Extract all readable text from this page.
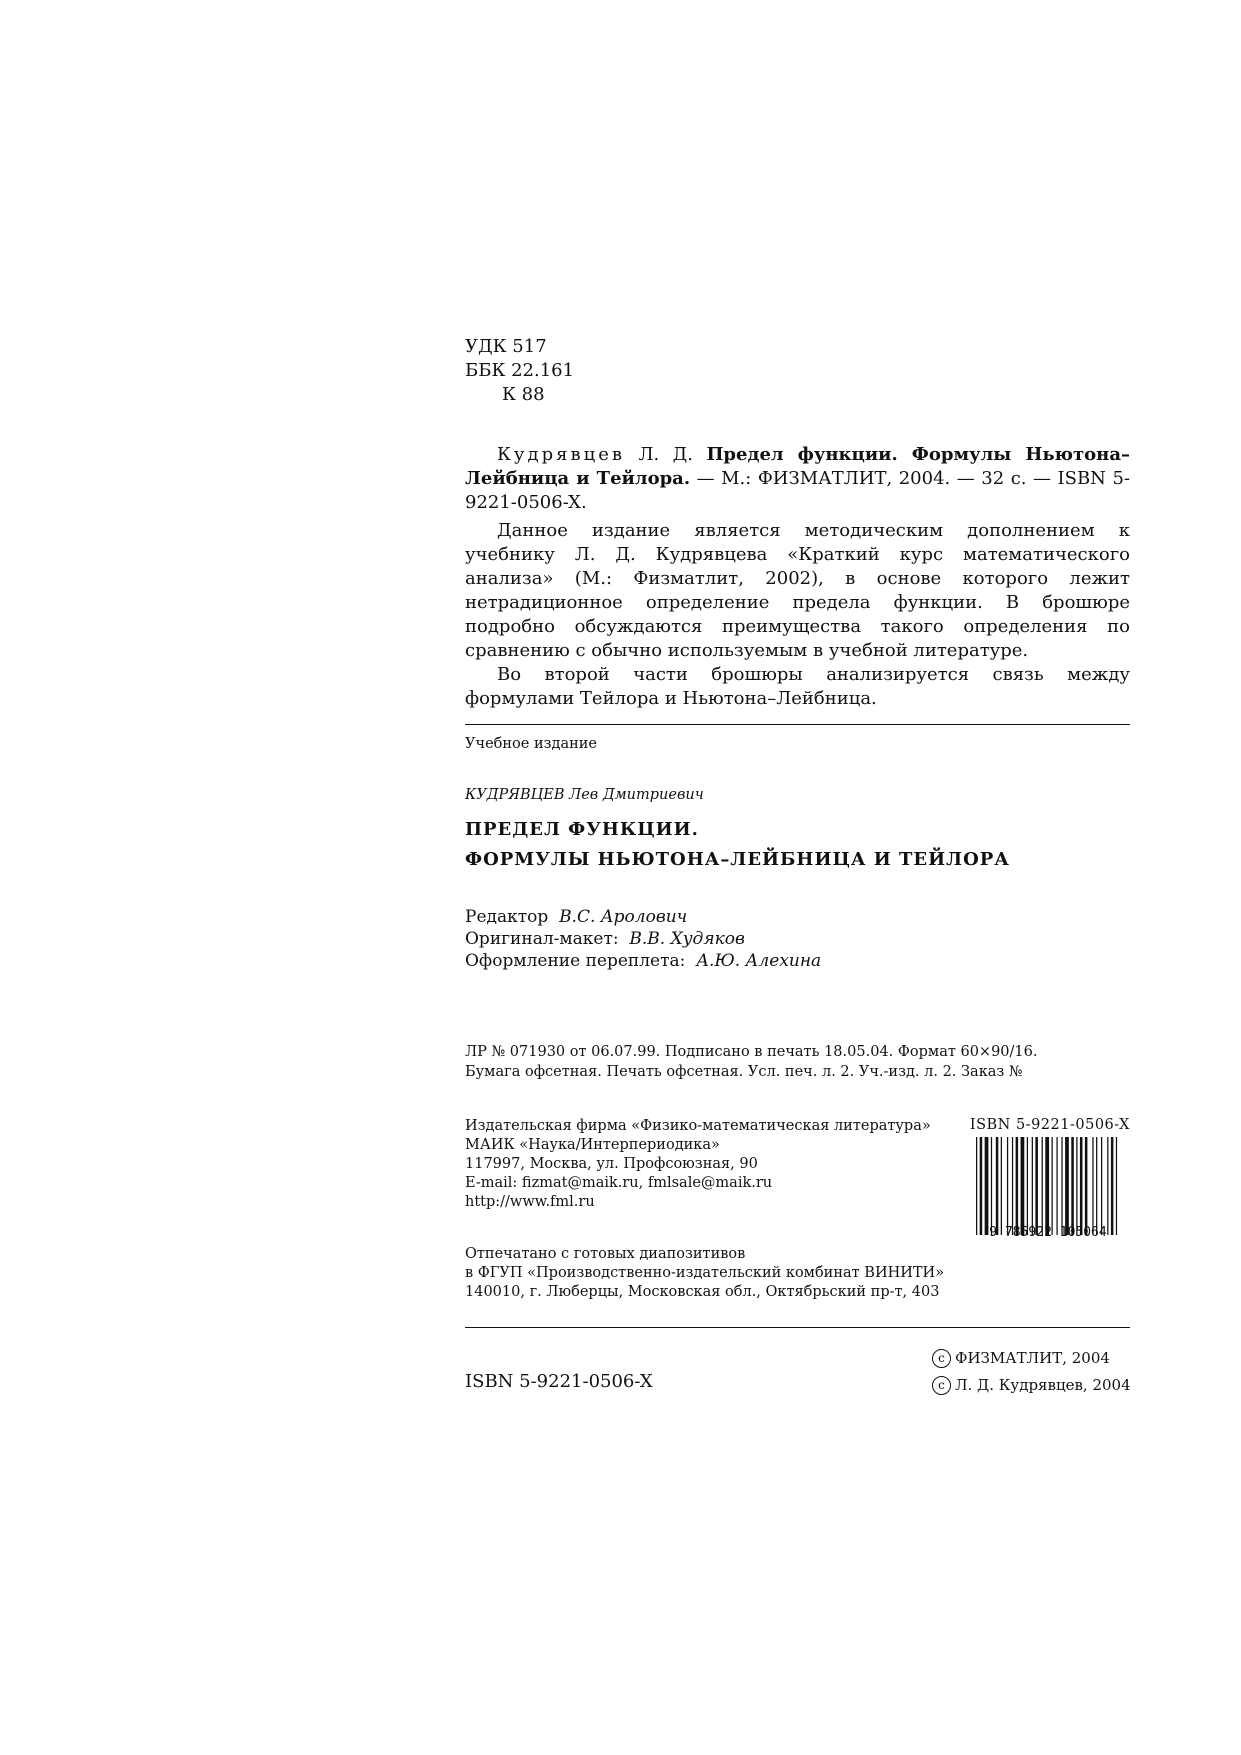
УДК 517
ББК 22.161
К 88
Кудрявцев Л. Д. Предел функции. Формулы Ньютона–Лейбница и Тейлора. — М.: ФИЗМАТЛИТ, 2004. — 32 с. — ISBN 5-9221-0506-X.
Данное издание является методическим дополнением к учебнику Л. Д. Кудрявцева «Краткий курс математического анализа» (М.: Физматлит, 2002), в основе которого лежит нетрадиционное определение предела функции. В брошюре подробно обсуждаются преимущества такого определения по сравнению с обычно используемым в учебной литературе.
Во второй части брошюры анализируется связь между формулами Тейлора и Ньютона–Лейбница.
Учебное издание
КУДРЯВЦЕВ Лев Дмитриевич
ПРЕДЕЛ ФУНКЦИИ.
ФОРМУЛЫ НЬЮТОНА–ЛЕЙБНИЦА И ТЕЙЛОРА
Редактор В.С. Аролович
Оригинал-макет: В.В. Худяков
Оформление переплета: А.Ю. Алехина
ЛР № 071930 от 06.07.99. Подписано в печать 18.05.04. Формат 60×90/16.
Бумага офсетная. Печать офсетная. Усл. печ. л. 2. Уч.-изд. л. 2. Заказ №
Издательская фирма «Физико-математическая литература»
МАИК «Наука/Интерпериодика»
117997, Москва, ул. Профсоюзная, 90
E-mail: fizmat@maik.ru, fmlsale@maik.ru
http://www.fml.ru
ISBN 5-9221-0506-X
9 785922 105064
Отпечатано с готовых диапозитивов
в ФГУП «Производственно-издательский комбинат ВИНИТИ»
140010, г. Люберцы, Московская обл., Октябрьский пр-т, 403
ISBN 5-9221-0506-X
c ФИЗМАТЛИТ, 2004
c Л. Д. Кудрявцев, 2004
